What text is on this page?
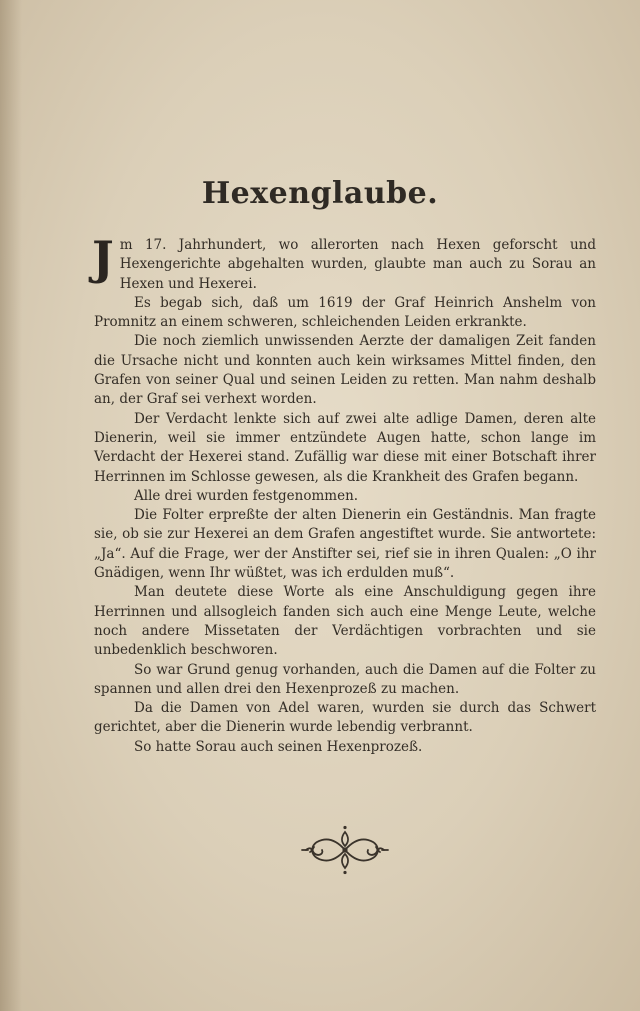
Hexenglaube.

Jm 17. Jahrhundert, wo allerorten nach Hexen geforscht und Hexengerichte abgehalten wurden, glaubte man auch zu Sorau an Hexen und Hexerei.

Es begab sich, daß um 1619 der Graf Heinrich Anshelm von Promnitz an einem schweren, schleichenden Leiden erkrankte.

Die noch ziemlich unwissenden Aerzte der damaligen Zeit fanden die Ursache nicht und konnten auch kein wirksames Mittel finden, den Grafen von seiner Qual und seinen Leiden zu retten. Man nahm deshalb an, der Graf sei verhext worden.

Der Verdacht lenkte sich auf zwei alte adlige Damen, deren alte Dienerin, weil sie immer entzündete Augen hatte, schon lange im Verdacht der Hexerei stand. Zufällig war diese mit einer Botschaft ihrer Herrinnen im Schlosse gewesen, als die Krankheit des Grafen begann.

Alle drei wurden festgenommen.

Die Folter erpreßte der alten Dienerin ein Geständnis. Man fragte sie, ob sie zur Hexerei an dem Grafen angestiftet wurde. Sie antwortete: „Ja“. Auf die Frage, wer der Anstifter sei, rief sie in ihren Qualen: „O ihr Gnädigen, wenn Ihr wüßtet, was ich erdulden muß“.

Man deutete diese Worte als eine Anschuldigung gegen ihre Herrinnen und allsogleich fanden sich auch eine Menge Leute, welche noch andere Missetaten der Verdächtigen vorbrachten und sie unbedenklich beschworen.

So war Grund genug vorhanden, auch die Damen auf die Folter zu spannen und allen drei den Hexenprozeß zu machen.

Da die Damen von Adel waren, wurden sie durch das Schwert gerichtet, aber die Dienerin wurde lebendig verbrannt.

So hatte Sorau auch seinen Hexenprozeß.
